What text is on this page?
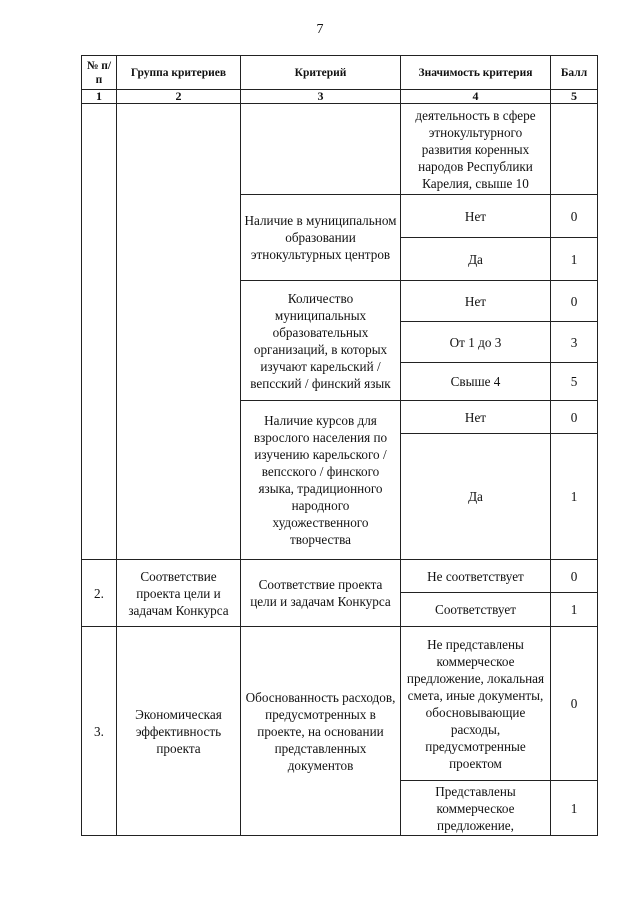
7
№ п/п	Группа критериев	Критерий	Значимость критерия	Балл
1	2	3	4	5
			деятельность в сфере этнокультурного развития коренных народов Республики Карелия, свыше 10	
		Наличие в муниципальном образовании этнокультурных центров	Нет	0
			Да	1
		Количество муниципальных образовательных организаций, в которых изучают карельский / вепсский / финский язык	Нет	0
			От 1 до 3	3
			Свыше 4	5
		Наличие курсов для взрослого населения по изучению карельского / вепсского / финского языка, традиционного народного художественного творчества	Нет	0
			Да	1
2.	Соответствие проекта цели и задачам Конкурса	Соответствие проекта цели и задачам Конкурса	Не соответствует	0
			Соответствует	1
3.	Экономическая эффективность проекта	Обоснованность расходов, предусмотренных в проекте, на основании представленных документов	Не представлены коммерческое предложение, локальная смета, иные документы, обосновывающие расходы, предусмотренные проектом	0
			Представлены коммерческое предложение,	1
